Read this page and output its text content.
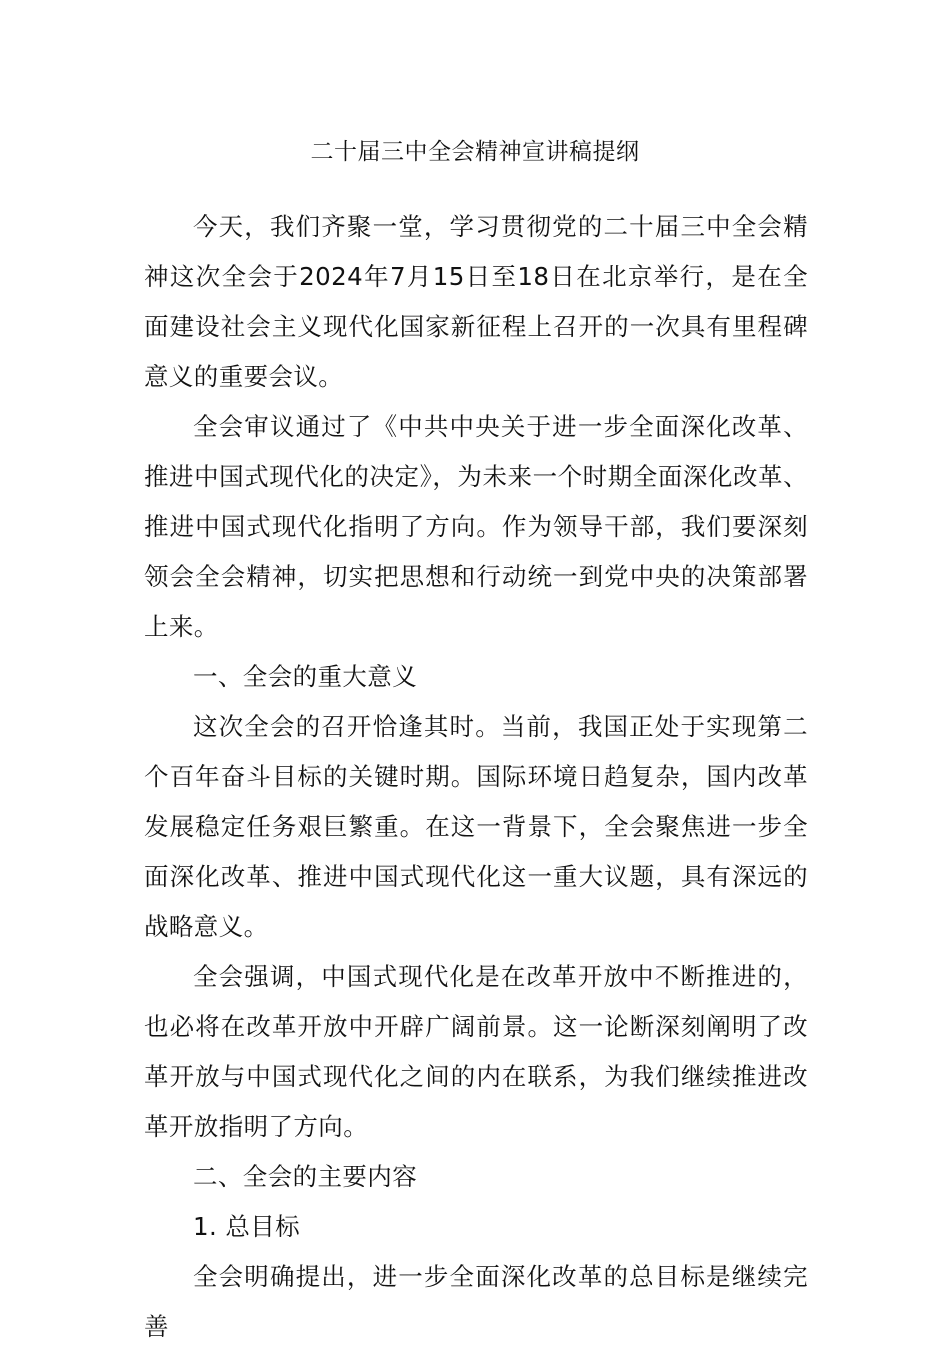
二十届三中全会精神宣讲稿提纲

今天，我们齐聚一堂，学习贯彻党的二十届三中全会精神这次全会于2024年7月15日至18日在北京举行，是在全面建设社会主义现代化国家新征程上召开的一次具有里程碑意义的重要会议。

全会审议通过了《中共中央关于进一步全面深化改革、推进中国式现代化的决定》，为未来一个时期全面深化改革、推进中国式现代化指明了方向。作为领导干部，我们要深刻领会全会精神，切实把思想和行动统一到党中央的决策部署上来。

一、全会的重大意义

这次全会的召开恰逢其时。当前，我国正处于实现第二个百年奋斗目标的关键时期。国际环境日趋复杂，国内改革发展稳定任务艰巨繁重。在这一背景下，全会聚焦进一步全面深化改革、推进中国式现代化这一重大议题，具有深远的战略意义。

全会强调，中国式现代化是在改革开放中不断推进的，也必将在改革开放中开辟广阔前景。这一论断深刻阐明了改革开放与中国式现代化之间的内在联系，为我们继续推进改革开放指明了方向。

二、全会的主要内容

1. 总目标

全会明确提出，进一步全面深化改革的总目标是继续完善
